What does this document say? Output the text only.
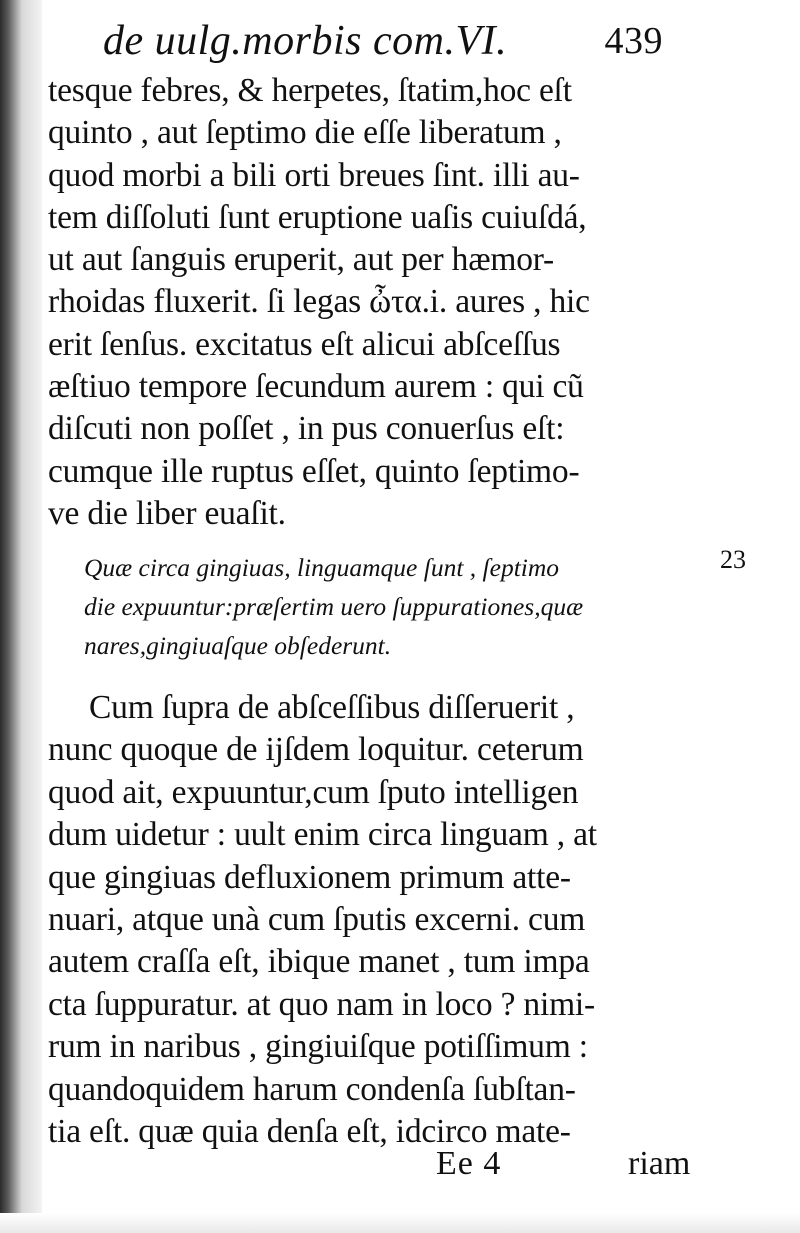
de uulg.morbis com.VI.	439
tesque febres, & herpetes, ſtatim,hoc eſt
quinto , aut ſeptimo die eſſe liberatum ,
quod morbi a bili orti breues ſint. illi au-
tem diſſoluti ſunt eruptione uaſis cuiuſdá,
ut aut ſanguis eruperit, aut per hæmor-
rhoidas fluxerit. ſi legas ὦτα.i. aures , hic
erit ſenſus. excitatus eſt alicui abſceſſus
æſtiuo tempore ſecundum aurem : qui cũ
diſcuti non poſſet , in pus conuerſus eſt:
cumque ille ruptus eſſet, quinto ſeptimo-
ve die liber euaſit.
Quæ circa gingiuas, linguamque ſunt , ſeptimo
die expuuntur:præſertim uero ſuppurationes,quæ
nares,gingiuaſque obſederunt.
23
Cum ſupra de abſceſſibus diſſeruerit ,
nunc quoque de ijſdem loquitur. ceterum
quod ait, expuuntur,cum ſputo intelligen
dum uidetur : uult enim circa linguam , at
que gingiuas defluxionem primum atte-
nuari, atque unà cum ſputis excerni. cum
autem craſſa eſt, ibique manet , tum impa
cta ſuppuratur. at quo nam in loco ? nimi-
rum in naribus , gingiuiſque potiſſimum :
quandoquidem harum condenſa ſubſtan-
tia eſt. quæ quia denſa eſt, idcirco mate-
Ee 4	riam
